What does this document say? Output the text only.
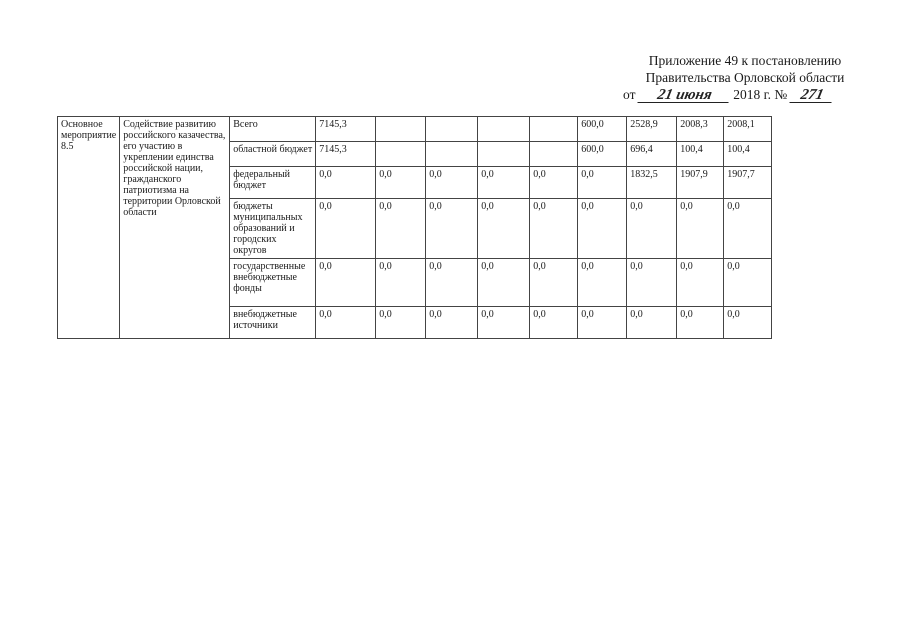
Приложение 49 к постановлению
Правительства Орловской области
от 21 июня 2018 г. № 271
Основное мероприятие 8.5	Содействие развитию российского казачества, его участию в укреплении единства российской нации, гражданского патриотизма на территории Орловской области	Всего	7145,3					600,0	2528,9	2008,3	2008,1
		областной бюджет	7145,3					600,0	696,4	100,4	100,4
		федеральный бюджет	0,0	0,0	0,0	0,0	0,0	0,0	1832,5	1907,9	1907,7
		бюджеты муниципальных образований и городских округов	0,0	0,0	0,0	0,0	0,0	0,0	0,0	0,0	0,0
		государственные внебюджетные фонды	0,0	0,0	0,0	0,0	0,0	0,0	0,0	0,0	0,0
		внебюджетные источники	0,0	0,0	0,0	0,0	0,0	0,0	0,0	0,0	0,0
